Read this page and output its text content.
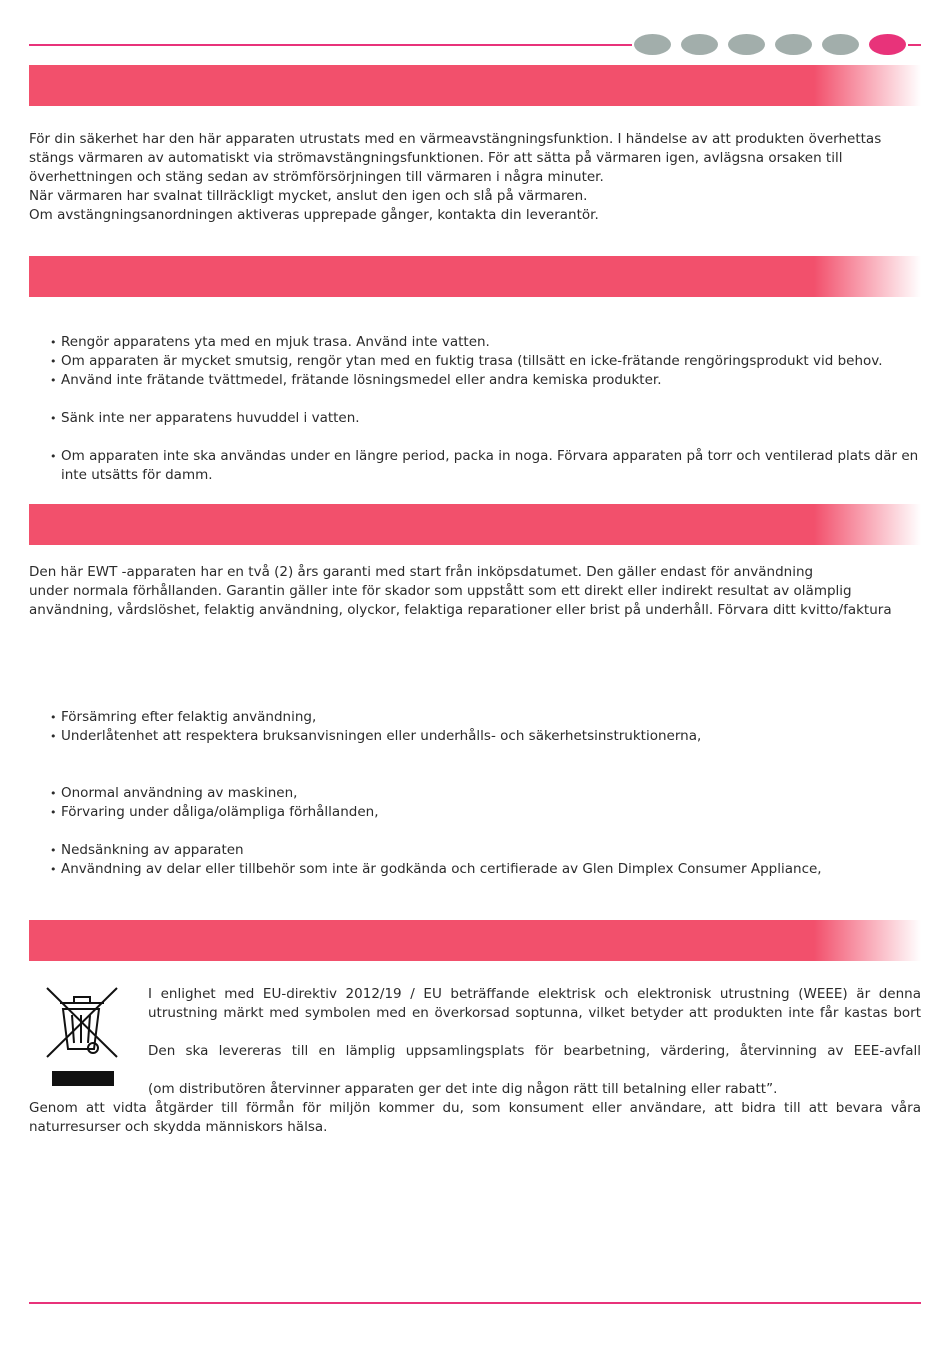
För din säkerhet har den här apparaten utrustats med en värmeavstängningsfunktion. I händelse av att produkten överhettas
stängs värmaren av automatiskt via strömavstängningsfunktionen. För att sätta på värmaren igen, avlägsna orsaken till
överhettningen och stäng sedan av strömförsörjningen till värmaren i några minuter.
När värmaren har svalnat tillräckligt mycket, anslut den igen och slå på värmaren.
Om avstängningsanordningen aktiveras upprepade gånger, kontakta din leverantör.
• Rengör apparatens yta med en mjuk trasa. Använd inte vatten.
• Om apparaten är mycket smutsig, rengör ytan med en fuktig trasa (tillsätt en icke-frätande rengöringsprodukt vid behov.
• Använd inte frätande tvättmedel, frätande lösningsmedel eller andra kemiska produkter.
• Sänk inte ner apparatens huvuddel i vatten.
• Om apparaten inte ska användas under en längre period, packa in noga. Förvara apparaten på torr och ventilerad plats där en inte utsätts för damm.
Den här EWT -apparaten har en två (2) års garanti med start från inköpsdatumet. Den gäller endast för användning
under normala förhållanden. Garantin gäller inte för skador som uppstått som ett direkt eller indirekt resultat av olämplig
användning, vårdslöshet, felaktig användning, olyckor, felaktiga reparationer eller brist på underhåll. Förvara ditt kvitto/faktura
• Försämring efter felaktig användning,
• Underlåtenhet att respektera bruksanvisningen eller underhålls- och säkerhetsinstruktionerna,
• Onormal användning av maskinen,
• Förvaring under dåliga/olämpliga förhållanden,
• Nedsänkning av apparaten
• Användning av delar eller tillbehör som inte är godkända och certifierade av Glen Dimplex Consumer Appliance,
I enlighet med EU-direktiv 2012/19 / EU beträffande elektrisk och elektronisk utrustning (WEEE) är denna
utrustning märkt med symbolen med en överkorsad soptunna, vilket betyder att produkten inte får kastas bort
Den ska levereras till en lämplig uppsamlingsplats för bearbetning, värdering, återvinning av EEE-avfall
(om distributören återvinner apparaten ger det inte dig någon rätt till betalning eller rabatt”.
Genom att vidta åtgärder till förmån för miljön kommer du, som konsument eller användare, att bidra till att bevara våra naturresurser och skydda människors hälsa.
